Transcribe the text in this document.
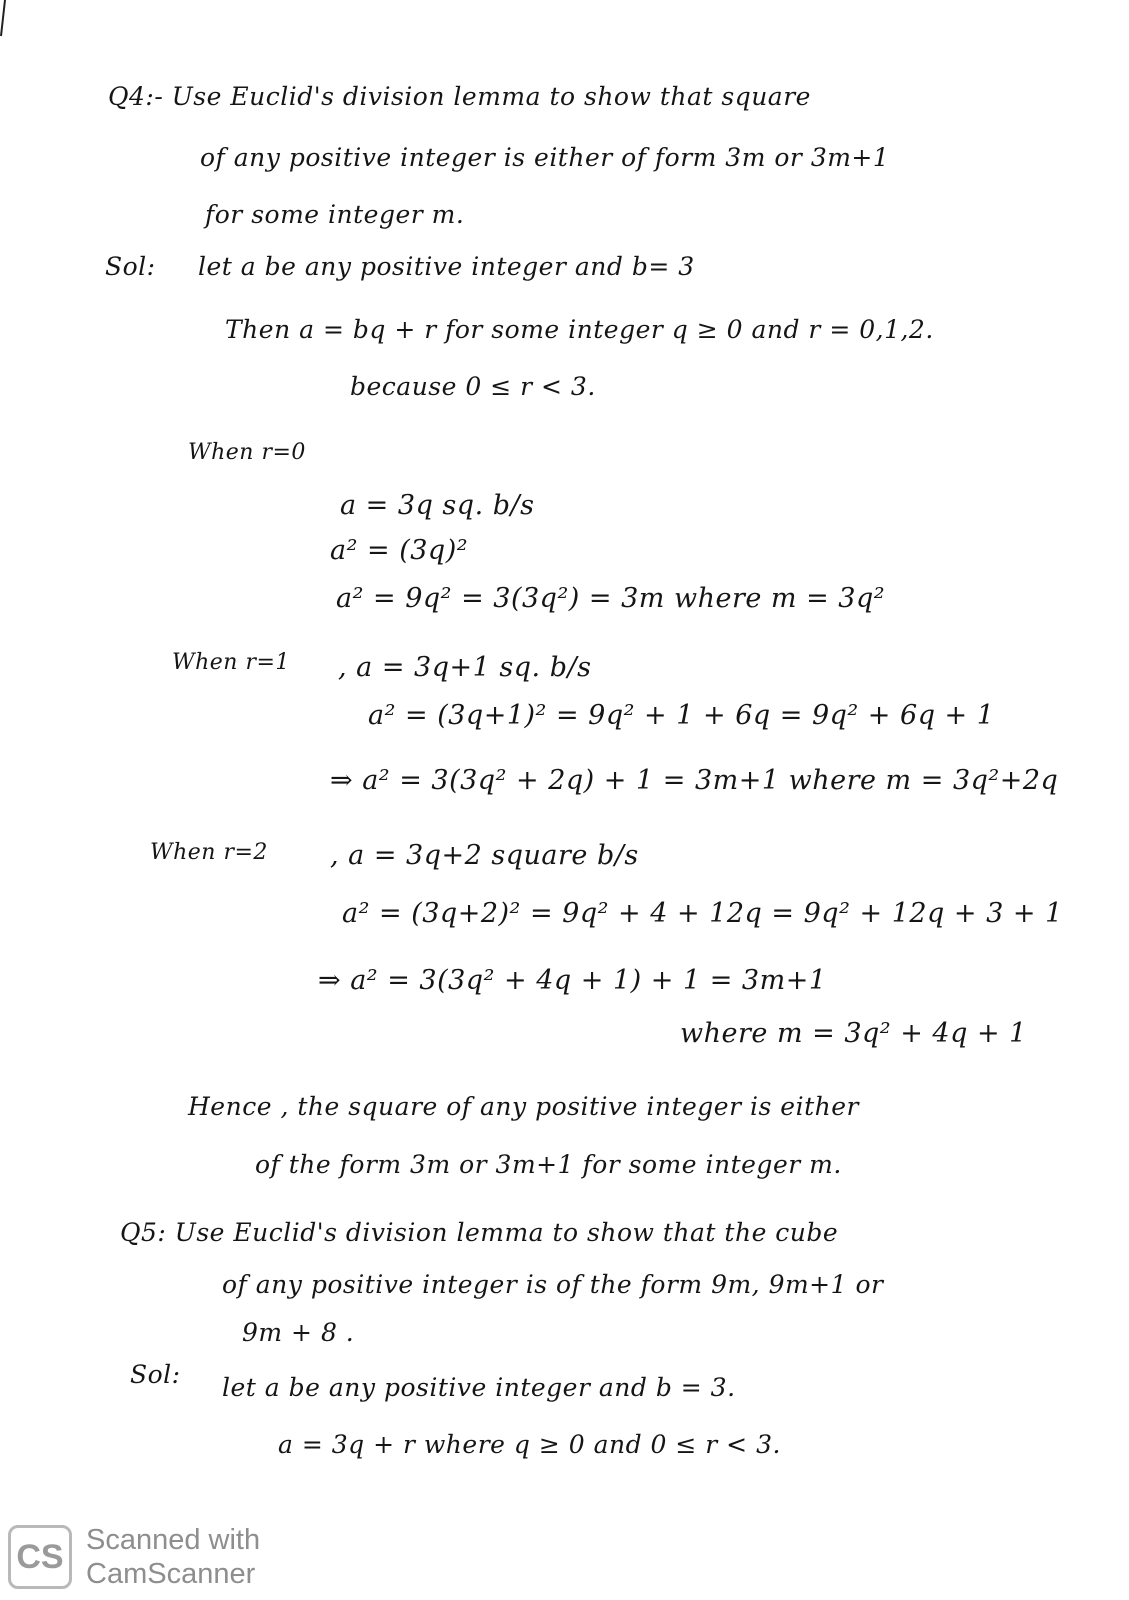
Q4:- Use Euclid's division lemma to show that square
of any positive integer is either of form 3m or 3m+1
for some integer m.
Sol: let a be any positive integer and b= 3
Then a = bq + r for some integer q ≥ 0 and r = 0,1,2.
because 0 ≤ r < 3.
When r=0
a = 3q sq. b/s
a² = (3q)²
a² = 9q² = 3(3q²) = 3m where m = 3q²
When r=1 , a = 3q+1 sq. b/s
a² = (3q+1)² = 9q² + 1 + 6q = 9q² + 6q + 1
⇒ a² = 3(3q² + 2q) + 1 = 3m+1 where m = 3q²+2q
When r=2 , a = 3q+2 square b/s
a² = (3q+2)² = 9q² + 4 + 12q = 9q² + 12q + 3 + 1
⇒ a² = 3(3q² + 4q + 1) + 1 = 3m+1
where m = 3q² + 4q + 1
Hence , the square of any positive integer is either
of the form 3m or 3m+1 for some integer m.
Q5: Use Euclid's division lemma to show that the cube
of any positive integer is of the form 9m, 9m+1 or
9m + 8 .
Sol: let a be any positive integer and b = 3.
a = 3q + r where q ≥ 0 and 0 ≤ r < 3.
CS Scanned with
CamScanner
